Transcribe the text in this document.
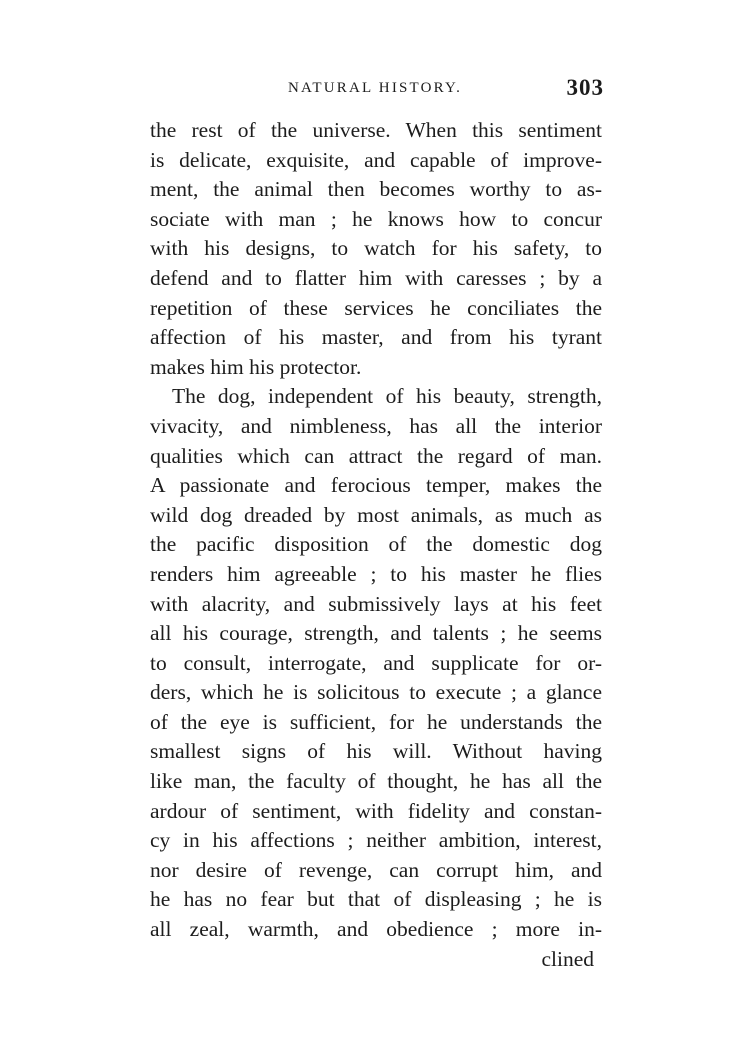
NATURAL HISTORY.	303
the rest of the universe. When this sentiment
is delicate, exquisite, and capable of improve-
ment, the animal then becomes worthy to as-
sociate with man ; he knows how to concur
with his designs, to watch for his safety, to
defend and to flatter him with caresses ; by a
repetition of these services he conciliates the
affection of his master, and from his tyrant
makes him his protector.
The dog, independent of his beauty, strength,
vivacity, and nimbleness, has all the interior
qualities which can attract the regard of man.
A passionate and ferocious temper, makes the
wild dog dreaded by most animals, as much as
the pacific disposition of the domestic dog
renders him agreeable ; to his master he flies
with alacrity, and submissively lays at his feet
all his courage, strength, and talents ; he seems
to consult, interrogate, and supplicate for or-
ders, which he is solicitous to execute ; a glance
of the eye is sufficient, for he understands the
smallest signs of his will. Without having
like man, the faculty of thought, he has all the
ardour of sentiment, with fidelity and constan-
cy in his affections ; neither ambition, interest,
nor desire of revenge, can corrupt him, and
he has no fear but that of displeasing ; he is
all zeal, warmth, and obedience ; more in-
clined
